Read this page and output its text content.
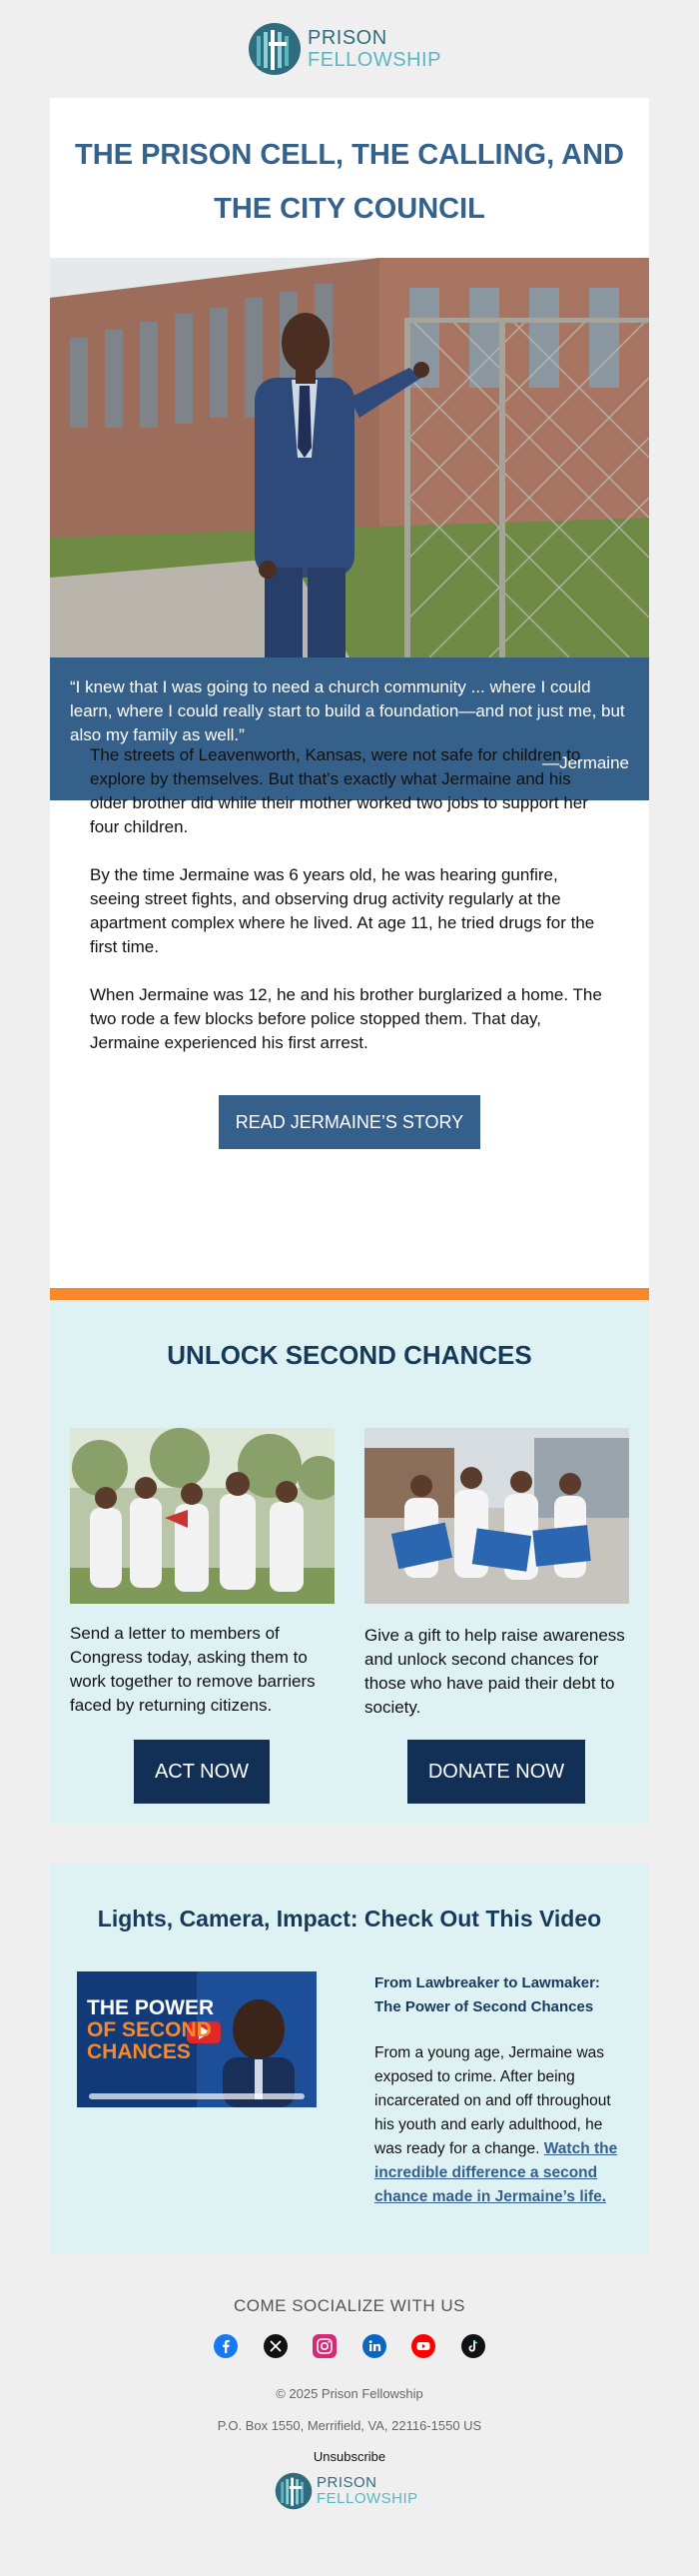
PRISON
FELLOWSHIP
THE PRISON CELL, THE CALLING, AND THE CITY COUNCIL
“I knew that I was going to need a church community ... where I could learn, where I could really start to build a foundation—and not just me, but also my family as well.”
—Jermaine

The streets of Leavenworth, Kansas, were not safe for children to explore by themselves. But that’s exactly what Jermaine and his older brother did while their mother worked two jobs to support her four children.

By the time Jermaine was 6 years old, he was hearing gunfire, seeing street fights, and observing drug activity regularly at the apartment complex where he lived. At age 11, he tried drugs for the first time.

When Jermaine was 12, he and his brother burglarized a home. The two rode a few blocks before police stopped them. That day, Jermaine experienced his first arrest.

READ JERMAINE’S STORY
UNLOCK SECOND CHANCES
Send a letter to members of Congress today, asking them to work together to remove barriers faced by returning citizens.
Give a gift to help raise awareness and unlock second chances for those who have paid their debt to society.
ACT NOW	DONATE NOW
Lights, Camera, Impact: Check Out This Video
THE POWER
OF SECOND
CHANCES
From Lawbreaker to Lawmaker: The Power of Second Chances
From a young age, Jermaine was exposed to crime. After being incarcerated on and off throughout his youth and early adulthood, he was ready for a change. Watch the incredible difference a second chance made in Jermaine’s life.
COME SOCIALIZE WITH US
© 2025 Prison Fellowship
P.O. Box 1550, Merrifield, VA, 22116-1550 US
Unsubscribe
PRISON
FELLOWSHIP
